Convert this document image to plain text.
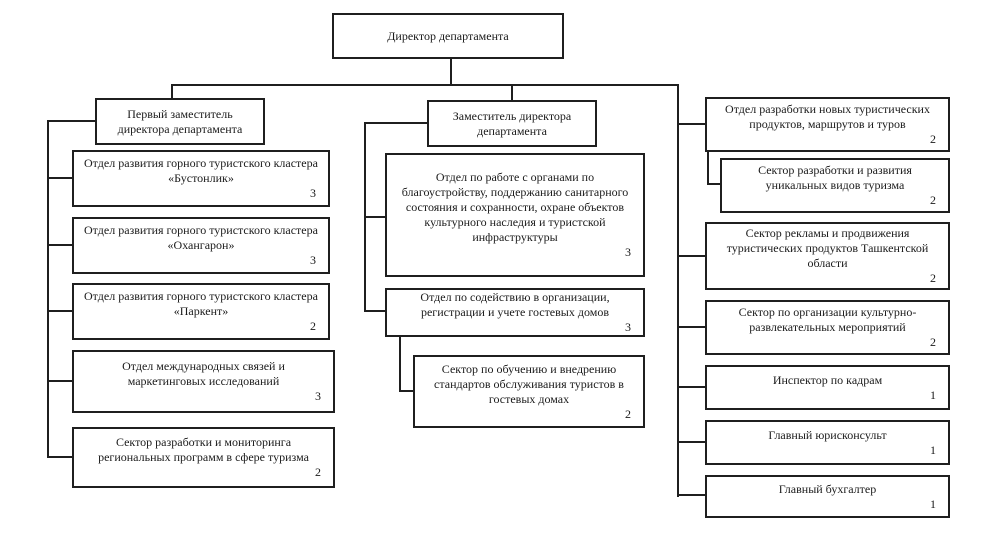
Директор департамента
Первый заместитель директора департамента
Отдел развития горного туристского кластера «Бустонлик»
3
Отдел развития горного туристского кластера «Охангарон»
3
Отдел развития горного туристского кластера «Паркент»
2
Отдел международных связей и маркетинговых исследований
3
Сектор разработки и мониторинга региональных программ в сфере туризма
2
Заместитель директора департамента
Отдел по работе с органами по благоустройству, поддержанию санитарного состояния и сохранности, охране объектов культурного наследия и туристской инфраструктуры
3
Отдел по содействию в организации, регистрации и учете гостевых домов
3
Сектор по обучению и внедрению стандартов обслуживания туристов в гостевых домах
2
Отдел разработки новых туристических продуктов, маршрутов и туров
2
Сектор разработки и развития уникальных видов туризма
2
Сектор рекламы и продвижения туристических продуктов Ташкентской области
2
Сектор по организации культурно-развлекательных мероприятий
2
Инспектор по кадрам
1
Главный юрисконсульт
1
Главный бухгалтер
1
